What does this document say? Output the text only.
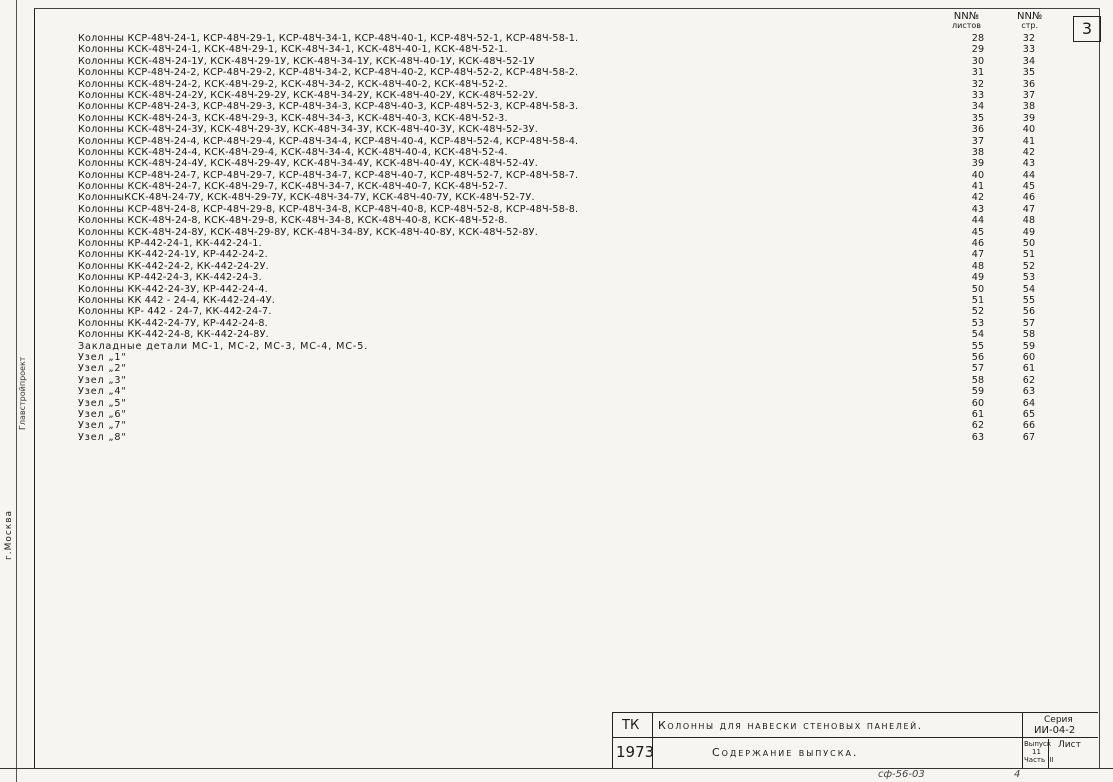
г.Москва
Главстройпроект
3
NN№
листов
NN№
стр.
Колонны КСР-48Ч-24-1, КСР-48Ч-29-1, КСР-48Ч-34-1, КСР-48Ч-40-1, КСР-48Ч-52-1, КСР-48Ч-58-1.	28	32
Колонны КСК-48Ч-24-1, КСК-48Ч-29-1, КСК-48Ч-34-1, КСК-48Ч-40-1, КСК-48Ч-52-1.	29	33
Колонны КСК-48Ч-24-1У, КСК-48Ч-29-1У, КСК-48Ч-34-1У, КСК-48Ч-40-1У, КСК-48Ч-52-1У	30	34
Колонны КСР-48Ч-24-2, КСР-48Ч-29-2, КСР-48Ч-34-2, КСР-48Ч-40-2, КСР-48Ч-52-2, КСР-48Ч-58-2.	31	35
Колонны КСК-48Ч-24-2, КСК-48Ч-29-2, КСК-48Ч-34-2, КСК-48Ч-40-2, КСК-48Ч-52-2.	32	36
Колонны КСК-48Ч-24-2У, КСК-48Ч-29-2У, КСК-48Ч-34-2У, КСК-48Ч-40-2У, КСК-48Ч-52-2У.	33	37
Колонны КСР-48Ч-24-3, КСР-48Ч-29-3, КСР-48Ч-34-3, КСР-48Ч-40-3, КСР-48Ч-52-3, КСР-48Ч-58-3.	34	38
Колонны КСК-48Ч-24-3, КСК-48Ч-29-3, КСК-48Ч-34-3, КСК-48Ч-40-3, КСК-48Ч-52-3.	35	39
Колонны КСК-48Ч-24-3У, КСК-48Ч-29-3У, КСК-48Ч-34-3У, КСК-48Ч-40-3У, КСК-48Ч-52-3У.	36	40
Колонны КСР-48Ч-24-4, КСР-48Ч-29-4, КСР-48Ч-34-4, КСР-48Ч-40-4, КСР-48Ч-52-4, КСР-48Ч-58-4.	37	41
Колонны КСК-48Ч-24-4, КСК-48Ч-29-4, КСК-48Ч-34-4, КСК-48Ч-40-4, КСК-48Ч-52-4.	38	42
Колонны КСК-48Ч-24-4У, КСК-48Ч-29-4У, КСК-48Ч-34-4У, КСК-48Ч-40-4У, КСК-48Ч-52-4У.	39	43
Колонны КСР-48Ч-24-7, КСР-48Ч-29-7, КСР-48Ч-34-7, КСР-48Ч-40-7, КСР-48Ч-52-7, КСР-48Ч-58-7.	40	44
Колонны КСК-48Ч-24-7, КСК-48Ч-29-7, КСК-48Ч-34-7, КСК-48Ч-40-7, КСК-48Ч-52-7.	41	45
КолонныКСК-48Ч-24-7У, КСК-48Ч-29-7У, КСК-48Ч-34-7У, КСК-48Ч-40-7У, КСК-48Ч-52-7У.	42	46
Колонны КСР-48Ч-24-8, КСР-48Ч-29-8, КСР-48Ч-34-8, КСР-48Ч-40-8, КСР-48Ч-52-8, КСР-48Ч-58-8.	43	47
Колонны КСК-48Ч-24-8, КСК-48Ч-29-8, КСК-48Ч-34-8, КСК-48Ч-40-8, КСК-48Ч-52-8.	44	48
Колонны КСК-48Ч-24-8У, КСК-48Ч-29-8У, КСК-48Ч-34-8У, КСК-48Ч-40-8У, КСК-48Ч-52-8У.	45	49
Колонны КР-442-24-1, КК-442-24-1.	46	50
Колонны КК-442-24-1У, КР-442-24-2.	47	51
Колонны КК-442-24-2, КК-442-24-2У.	48	52
Колонны КР-442-24-3, КК-442-24-3.	49	53
Колонны КК-442-24-3У, КР-442-24-4.	50	54
Колонны КК 442 - 24-4, КК-442-24-4У.	51	55
Колонны КР- 442 - 24-7, КК-442-24-7.	52	56
Колонны КК-442-24-7У, КР-442-24-8.	53	57
Колонны КК-442-24-8, КК-442-24-8У.	54	58
Закладные детали МС-1, МС-2, МС-3, МС-4, МС-5.	55	59
Узел „1"	56	60
Узел „2"	57	61
Узел „3"	58	62
Узел „4"	59	63
Узел „5"	60	64
Узел „6"	61	65
Узел „7"	62	66
Узел „8"	63	67
ТК
1973
Колонны для навески стеновых панелей.
Содержание выпуска.
Серия
ИИ-04-2
Выпуск
11
Часть III
Лист
сф-56-03	4
